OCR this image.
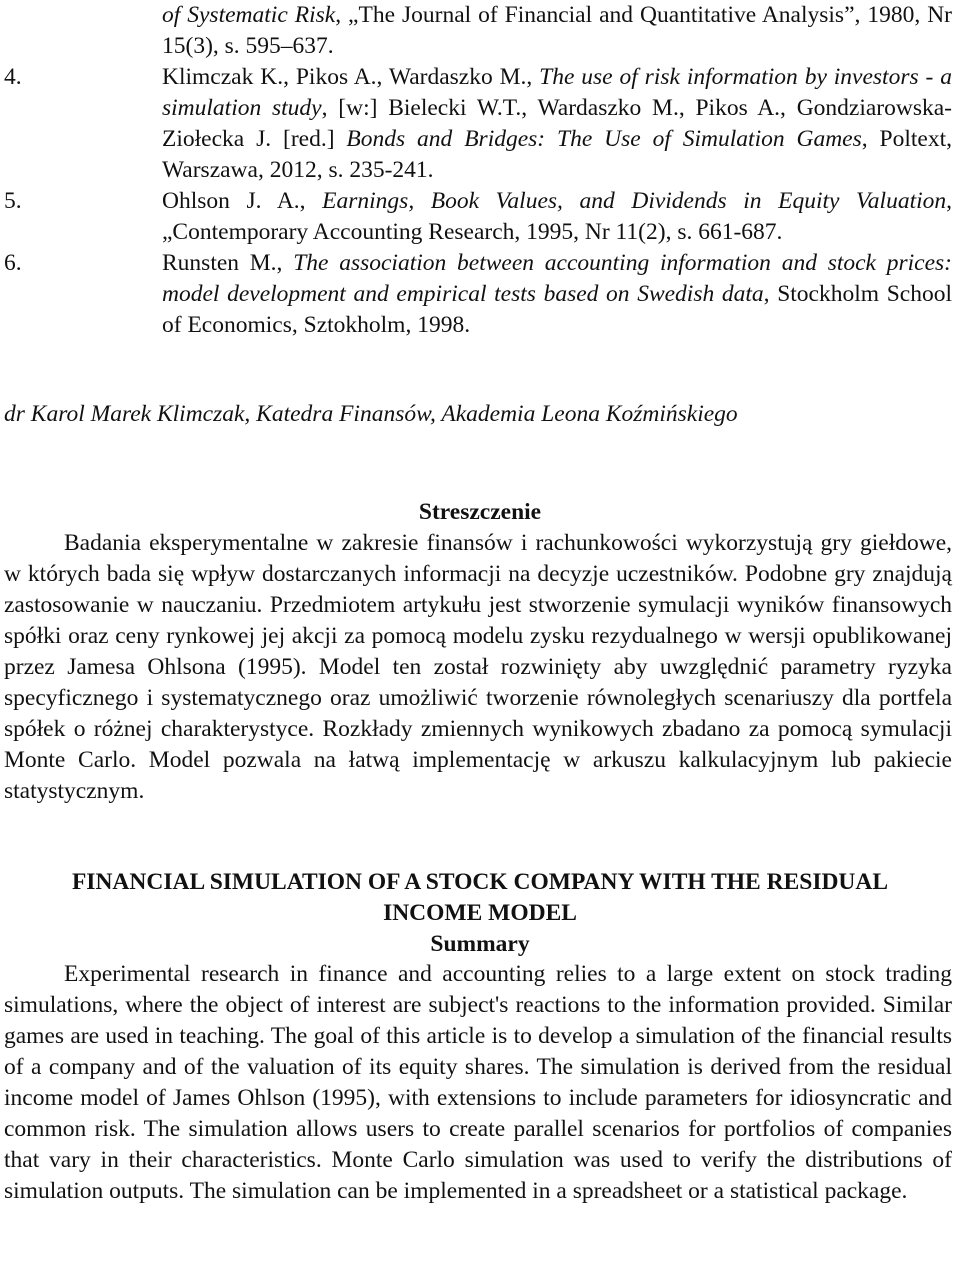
of Systematic Risk, „The Journal of Financial and Quantitative Analysis”, 1980, Nr 15(3), s. 595–637.
4.	Klimczak K., Pikos A., Wardaszko M., The use of risk information by investors - a simulation study, [w:] Bielecki W.T., Wardaszko M., Pikos A., Gondziarowska-Ziołecka J. [red.] Bonds and Bridges: The Use of Simulation Games, Poltext, Warszawa, 2012, s. 235-241.
5.	Ohlson J. A., Earnings, Book Values, and Dividends in Equity Valuation, „Contemporary Accounting Research, 1995, Nr 11(2), s. 661-687.
6.	Runsten M., The association between accounting information and stock prices: model development and empirical tests based on Swedish data, Stockholm School of Economics, Sztokholm, 1998.
dr Karol Marek Klimczak, Katedra Finansów, Akademia Leona Koźmińskiego
Streszczenie
Badania eksperymentalne w zakresie finansów i rachunkowości wykorzystują gry giełdowe, w których bada się wpływ dostarczanych informacji na decyzje uczestników. Podobne gry znajdują zastosowanie w nauczaniu. Przedmiotem artykułu jest stworzenie symulacji wyników finansowych spółki oraz ceny rynkowej jej akcji za pomocą modelu zysku rezydualnego w wersji opublikowanej przez Jamesa Ohlsona (1995). Model ten został rozwinięty aby uwzględnić parametry ryzyka specyficznego i systematycznego oraz umożliwić tworzenie równoległych scenariuszy dla portfela spółek o różnej charakterystyce. Rozkłady zmiennych wynikowych zbadano za pomocą symulacji Monte Carlo. Model pozwala na łatwą implementację w arkuszu kalkulacyjnym lub pakiecie statystycznym.
FINANCIAL SIMULATION OF A STOCK COMPANY WITH THE RESIDUAL
INCOME MODEL
Summary
Experimental research in finance and accounting relies to a large extent on stock trading simulations, where the object of interest are subject's reactions to the information provided. Similar games are used in teaching. The goal of this article is to develop a simulation of the financial results of a company and of the valuation of its equity shares. The simulation is derived from the residual income model of James Ohlson (1995), with extensions to include parameters for idiosyncratic and common risk. The simulation allows users to create parallel scenarios for portfolios of companies that vary in their characteristics. Monte Carlo simulation was used to verify the distributions of simulation outputs. The simulation can be implemented in a spreadsheet or a statistical package.
